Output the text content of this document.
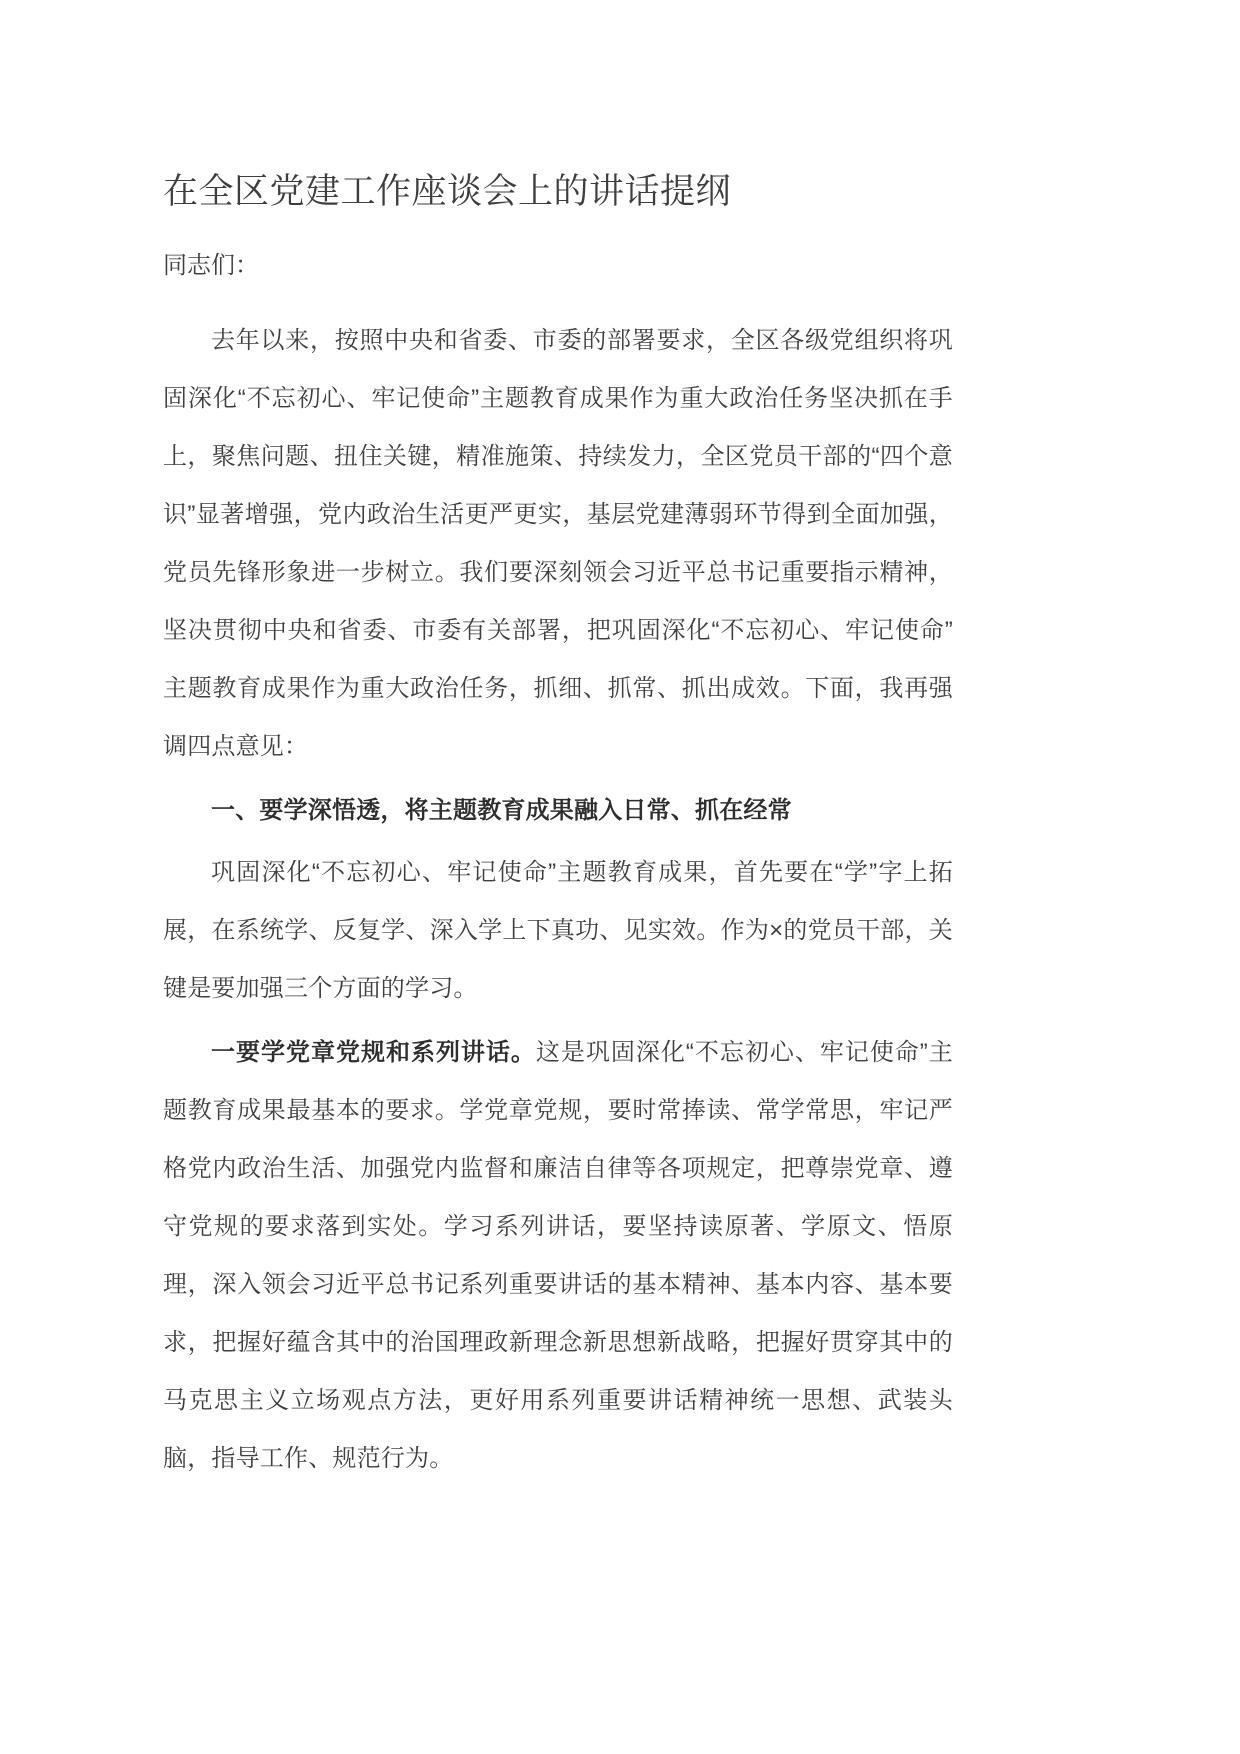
在全区党建工作座谈会上的讲话提纲

同志们：

去年以来，按照中央和省委、市委的部署要求，全区各级党组织将巩固深化“不忘初心、牢记使命”主题教育成果作为重大政治任务坚决抓在手上，聚焦问题、扭住关键，精准施策、持续发力，全区党员干部的“四个意识”显著增强，党内政治生活更严更实，基层党建薄弱环节得到全面加强，党员先锋形象进一步树立。我们要深刻领会习近平总书记重要指示精神，坚决贯彻中央和省委、市委有关部署，把巩固深化“不忘初心、牢记使命”主题教育成果作为重大政治任务，抓细、抓常、抓出成效。下面，我再强调四点意见：

一、要学深悟透，将主题教育成果融入日常、抓在经常

巩固深化“不忘初心、牢记使命”主题教育成果，首先要在“学”字上拓展，在系统学、反复学、深入学上下真功、见实效。作为×的党员干部，关键是要加强三个方面的学习。

一要学党章党规和系列讲话。这是巩固深化“不忘初心、牢记使命”主题教育成果最基本的要求。学党章党规，要时常捧读、常学常思，牢记严格党内政治生活、加强党内监督和廉洁自律等各项规定，把尊崇党章、遵守党规的要求落到实处。学习系列讲话，要坚持读原著、学原文、悟原理，深入领会习近平总书记系列重要讲话的基本精神、基本内容、基本要求，把握好蕴含其中的治国理政新理念新思想新战略，把握好贯穿其中的马克思主义立场观点方法，更好用系列重要讲话精神统一思想、武装头脑，指导工作、规范行为。
